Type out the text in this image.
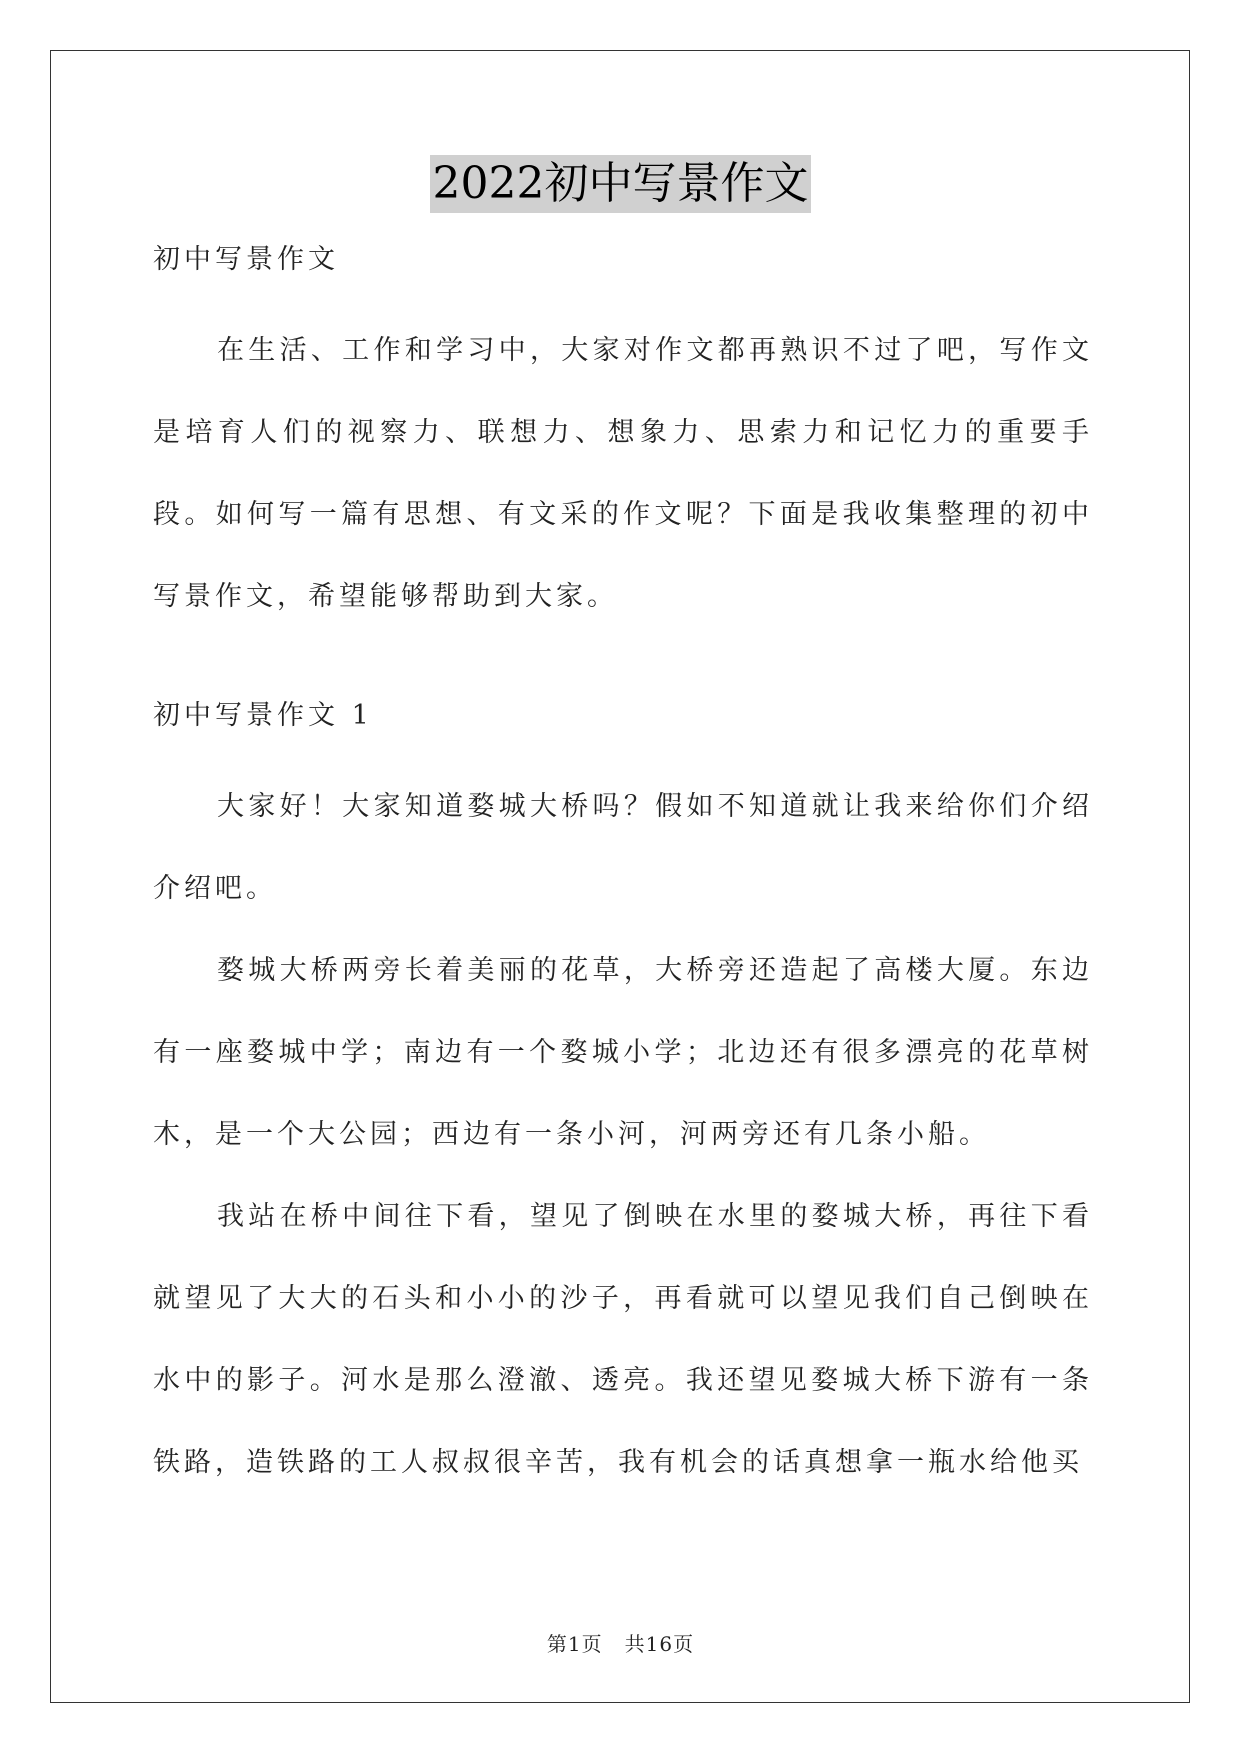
2022初中写景作文

初中写景作文

在生活、工作和学习中，大家对作文都再熟识不过了吧，写作文是培育人们的视察力、联想力、想象力、思索力和记忆力的重要手段。如何写一篇有思想、有文采的作文呢？下面是我收集整理的初中写景作文，希望能够帮助到大家。

初中写景作文 1

大家好！大家知道婺城大桥吗？假如不知道就让我来给你们介绍介绍吧。

婺城大桥两旁长着美丽的花草，大桥旁还造起了高楼大厦。东边有一座婺城中学；南边有一个婺城小学；北边还有很多漂亮的花草树木，是一个大公园；西边有一条小河，河两旁还有几条小船。

我站在桥中间往下看，望见了倒映在水里的婺城大桥，再往下看就望见了大大的石头和小小的沙子，再看就可以望见我们自己倒映在水中的影子。河水是那么澄澈、透亮。我还望见婺城大桥下游有一条铁路，造铁路的工人叔叔很辛苦，我有机会的话真想拿一瓶水给他买

第1页 共16页
